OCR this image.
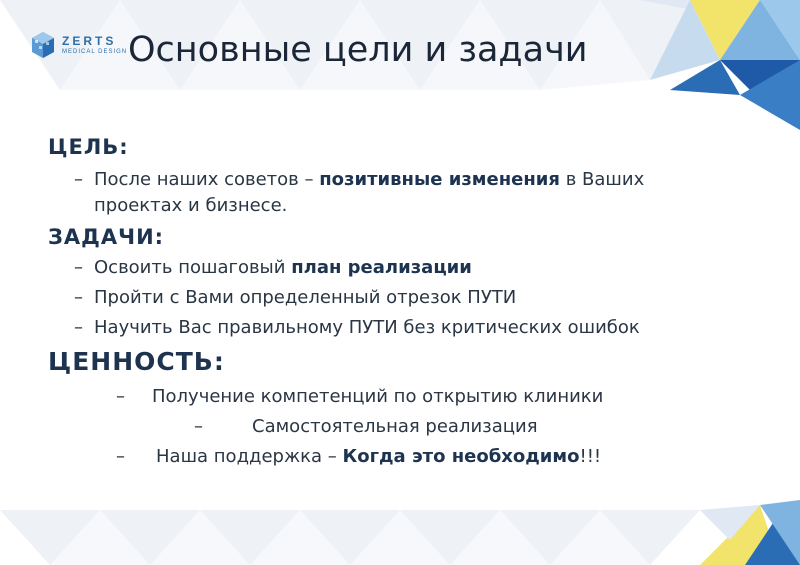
ZERTS
MEDICAL DESIGN Основные цели и задачи
ЦЕЛЬ:
– После наших советов – позитивные изменения в Ваших проектах и бизнесе.
ЗАДАЧИ:
– Освоить пошаговый план реализации
– Пройти с Вами определенный отрезок ПУТИ
– Научить Вас правильному ПУТИ без критических ошибок
ЦЕННОСТЬ:
– Получение компетенций по открытию клиники
–	Самостоятельная реализация
– Наша поддержка – Когда это необходимо!!!
